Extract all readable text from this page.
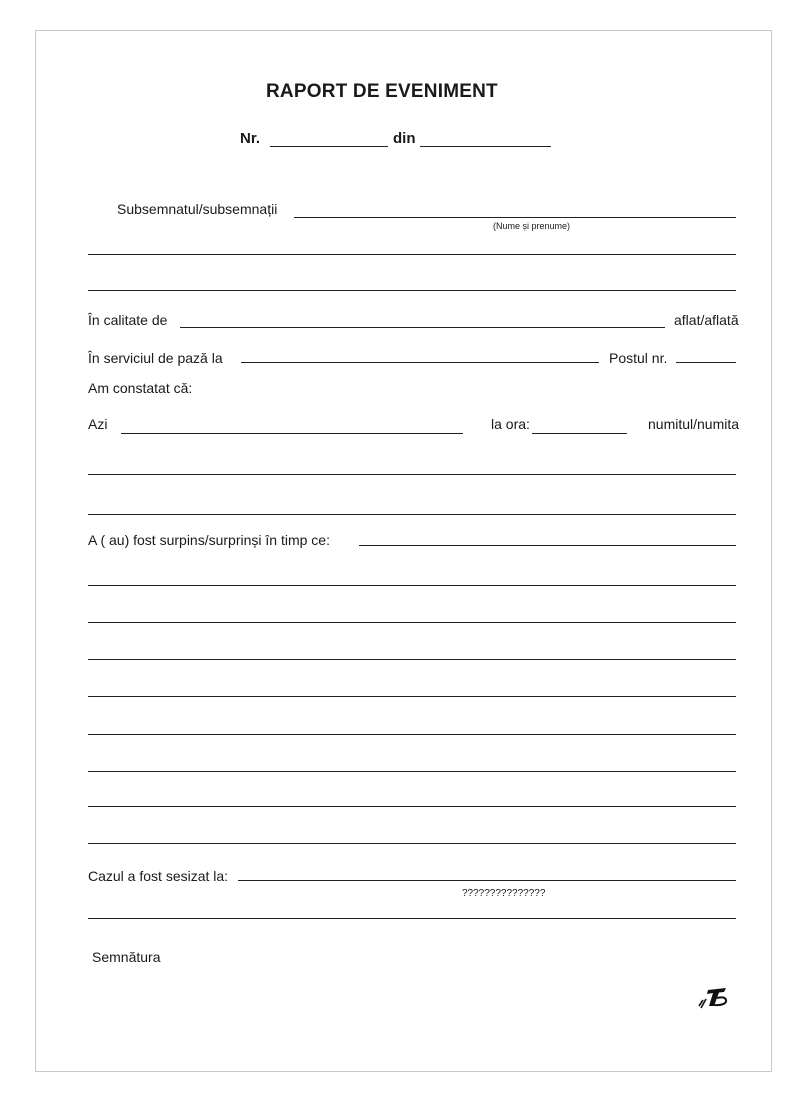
RAPORT DE EVENIMENT
Nr.	din
Subsemnatul/subsemnații
(Nume și prenume)
În calitate de	aflat/aflată
În serviciul de pază la	Postul nr.
Am constatat că:
Azi	la ora:	numitul/numita
A ( au) fost surpins/surprinși în timp ce:
Cazul a fost sesizat la:
???????????????
Semnătura
